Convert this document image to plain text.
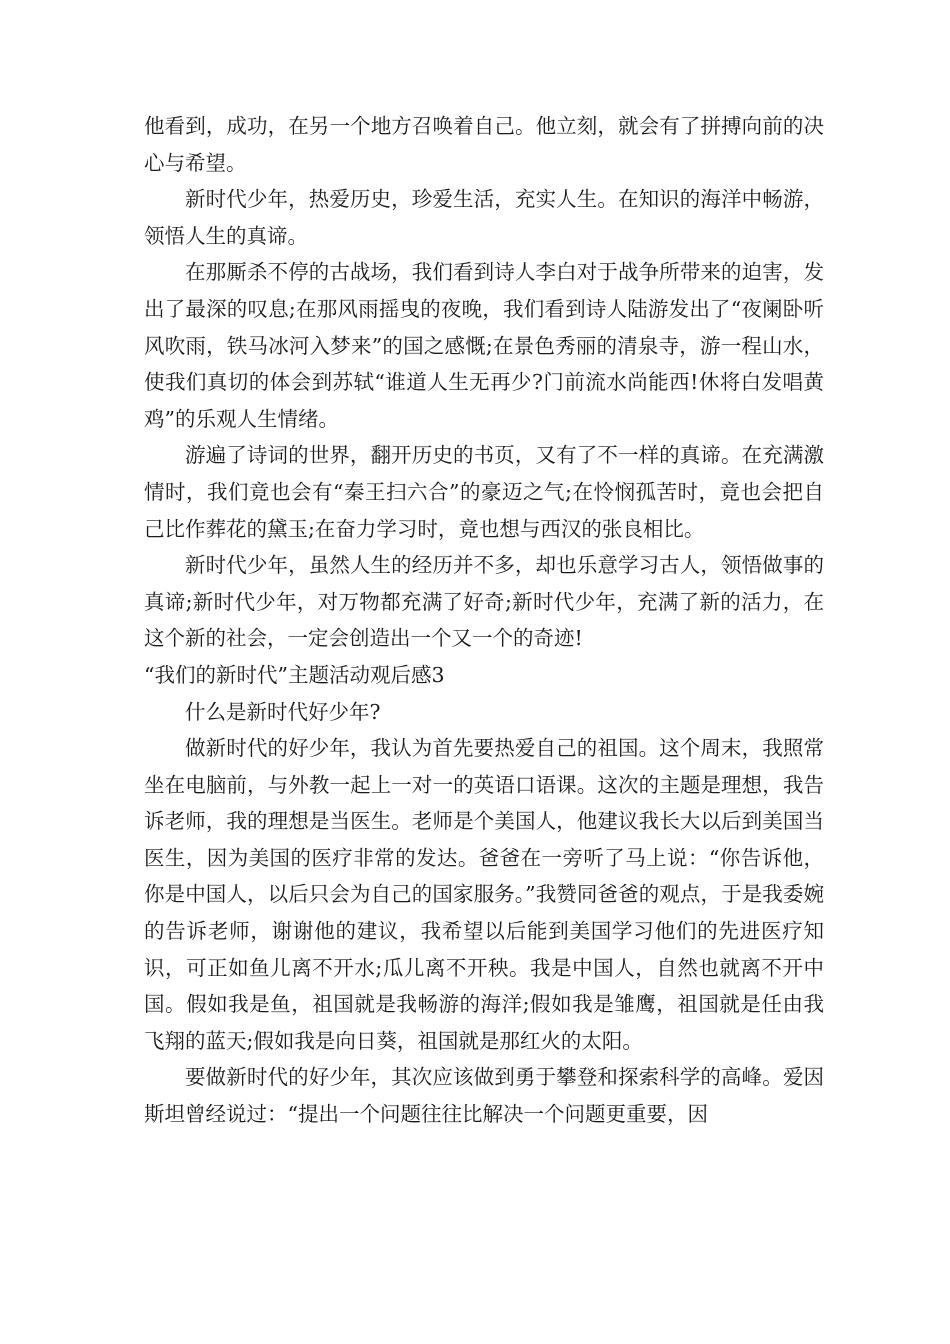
他看到，成功，在另一个地方召唤着自己。他立刻，就会有了拼搏向前的决心与希望。

新时代少年，热爱历史，珍爱生活，充实人生。在知识的海洋中畅游，领悟人生的真谛。

在那厮杀不停的古战场，我们看到诗人李白对于战争所带来的迫害，发出了最深的叹息;在那风雨摇曳的夜晚，我们看到诗人陆游发出了“夜阑卧听风吹雨，铁马冰河入梦来”的国之感慨;在景色秀丽的清泉寺，游一程山水，使我们真切的体会到苏轼“谁道人生无再少?门前流水尚能西!休将白发唱黄鸡”的乐观人生情绪。

游遍了诗词的世界，翻开历史的书页，又有了不一样的真谛。在充满激情时，我们竟也会有“秦王扫六合”的豪迈之气;在怜悯孤苦时，竟也会把自己比作葬花的黛玉;在奋力学习时，竟也想与西汉的张良相比。

新时代少年，虽然人生的经历并不多，却也乐意学习古人，领悟做事的真谛;新时代少年，对万物都充满了好奇;新时代少年，充满了新的活力，在这个新的社会，一定会创造出一个又一个的奇迹!

“我们的新时代”主题活动观后感3

什么是新时代好少年?

做新时代的好少年，我认为首先要热爱自己的祖国。这个周末，我照常坐在电脑前，与外教一起上一对一的英语口语课。这次的主题是理想，我告诉老师，我的理想是当医生。老师是个美国人，他建议我长大以后到美国当医生，因为美国的医疗非常的发达。爸爸在一旁听了马上说：“你告诉他，你是中国人，以后只会为自己的国家服务。”我赞同爸爸的观点，于是我委婉的告诉老师，谢谢他的建议，我希望以后能到美国学习他们的先进医疗知识，可正如鱼儿离不开水;瓜儿离不开秧。我是中国人，自然也就离不开中国。假如我是鱼，祖国就是我畅游的海洋;假如我是雏鹰，祖国就是任由我飞翔的蓝天;假如我是向日葵，祖国就是那红火的太阳。

要做新时代的好少年，其次应该做到勇于攀登和探索科学的高峰。爱因斯坦曾经说过：“提出一个问题往往比解决一个问题更重要，因
